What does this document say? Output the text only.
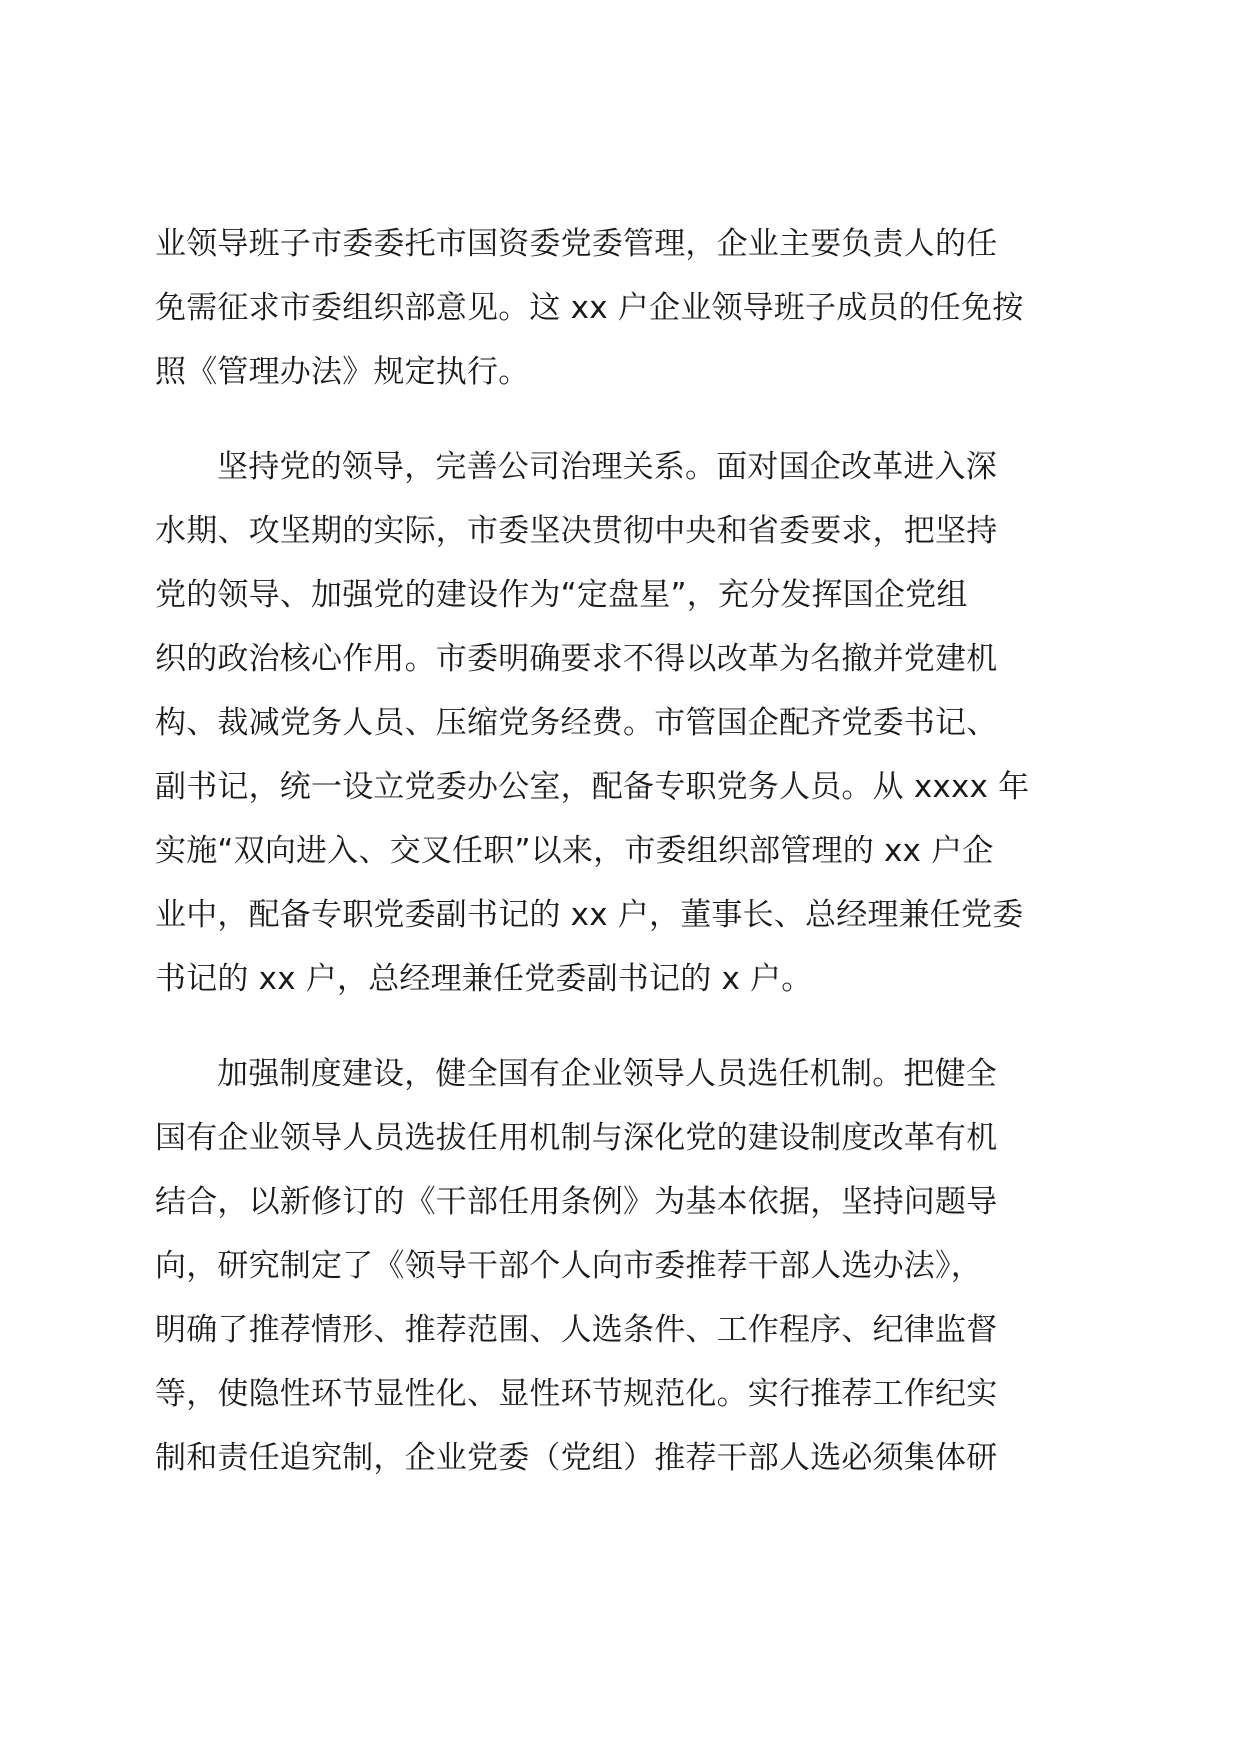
业领导班子市委委托市国资委党委管理，企业主要负责人的任
免需征求市委组织部意见。这 xx 户企业领导班子成员的任免按
照《管理办法》规定执行。
坚持党的领导，完善公司治理关系。面对国企改革进入深
水期、攻坚期的实际，市委坚决贯彻中央和省委要求，把坚持
党的领导、加强党的建设作为“定盘星”，充分发挥国企党组
织的政治核心作用。市委明确要求不得以改革为名撤并党建机
构、裁减党务人员、压缩党务经费。市管国企配齐党委书记、
副书记，统一设立党委办公室，配备专职党务人员。从 xxxx 年
实施“双向进入、交叉任职”以来，市委组织部管理的 xx 户企
业中，配备专职党委副书记的 xx 户，董事长、总经理兼任党委
书记的 xx 户，总经理兼任党委副书记的 x 户。
加强制度建设，健全国有企业领导人员选任机制。把健全
国有企业领导人员选拔任用机制与深化党的建设制度改革有机
结合，以新修订的《干部任用条例》为基本依据，坚持问题导
向，研究制定了《领导干部个人向市委推荐干部人选办法》，
明确了推荐情形、推荐范围、人选条件、工作程序、纪律监督
等，使隐性环节显性化、显性环节规范化。实行推荐工作纪实
制和责任追究制，企业党委（党组）推荐干部人选必须集体研
